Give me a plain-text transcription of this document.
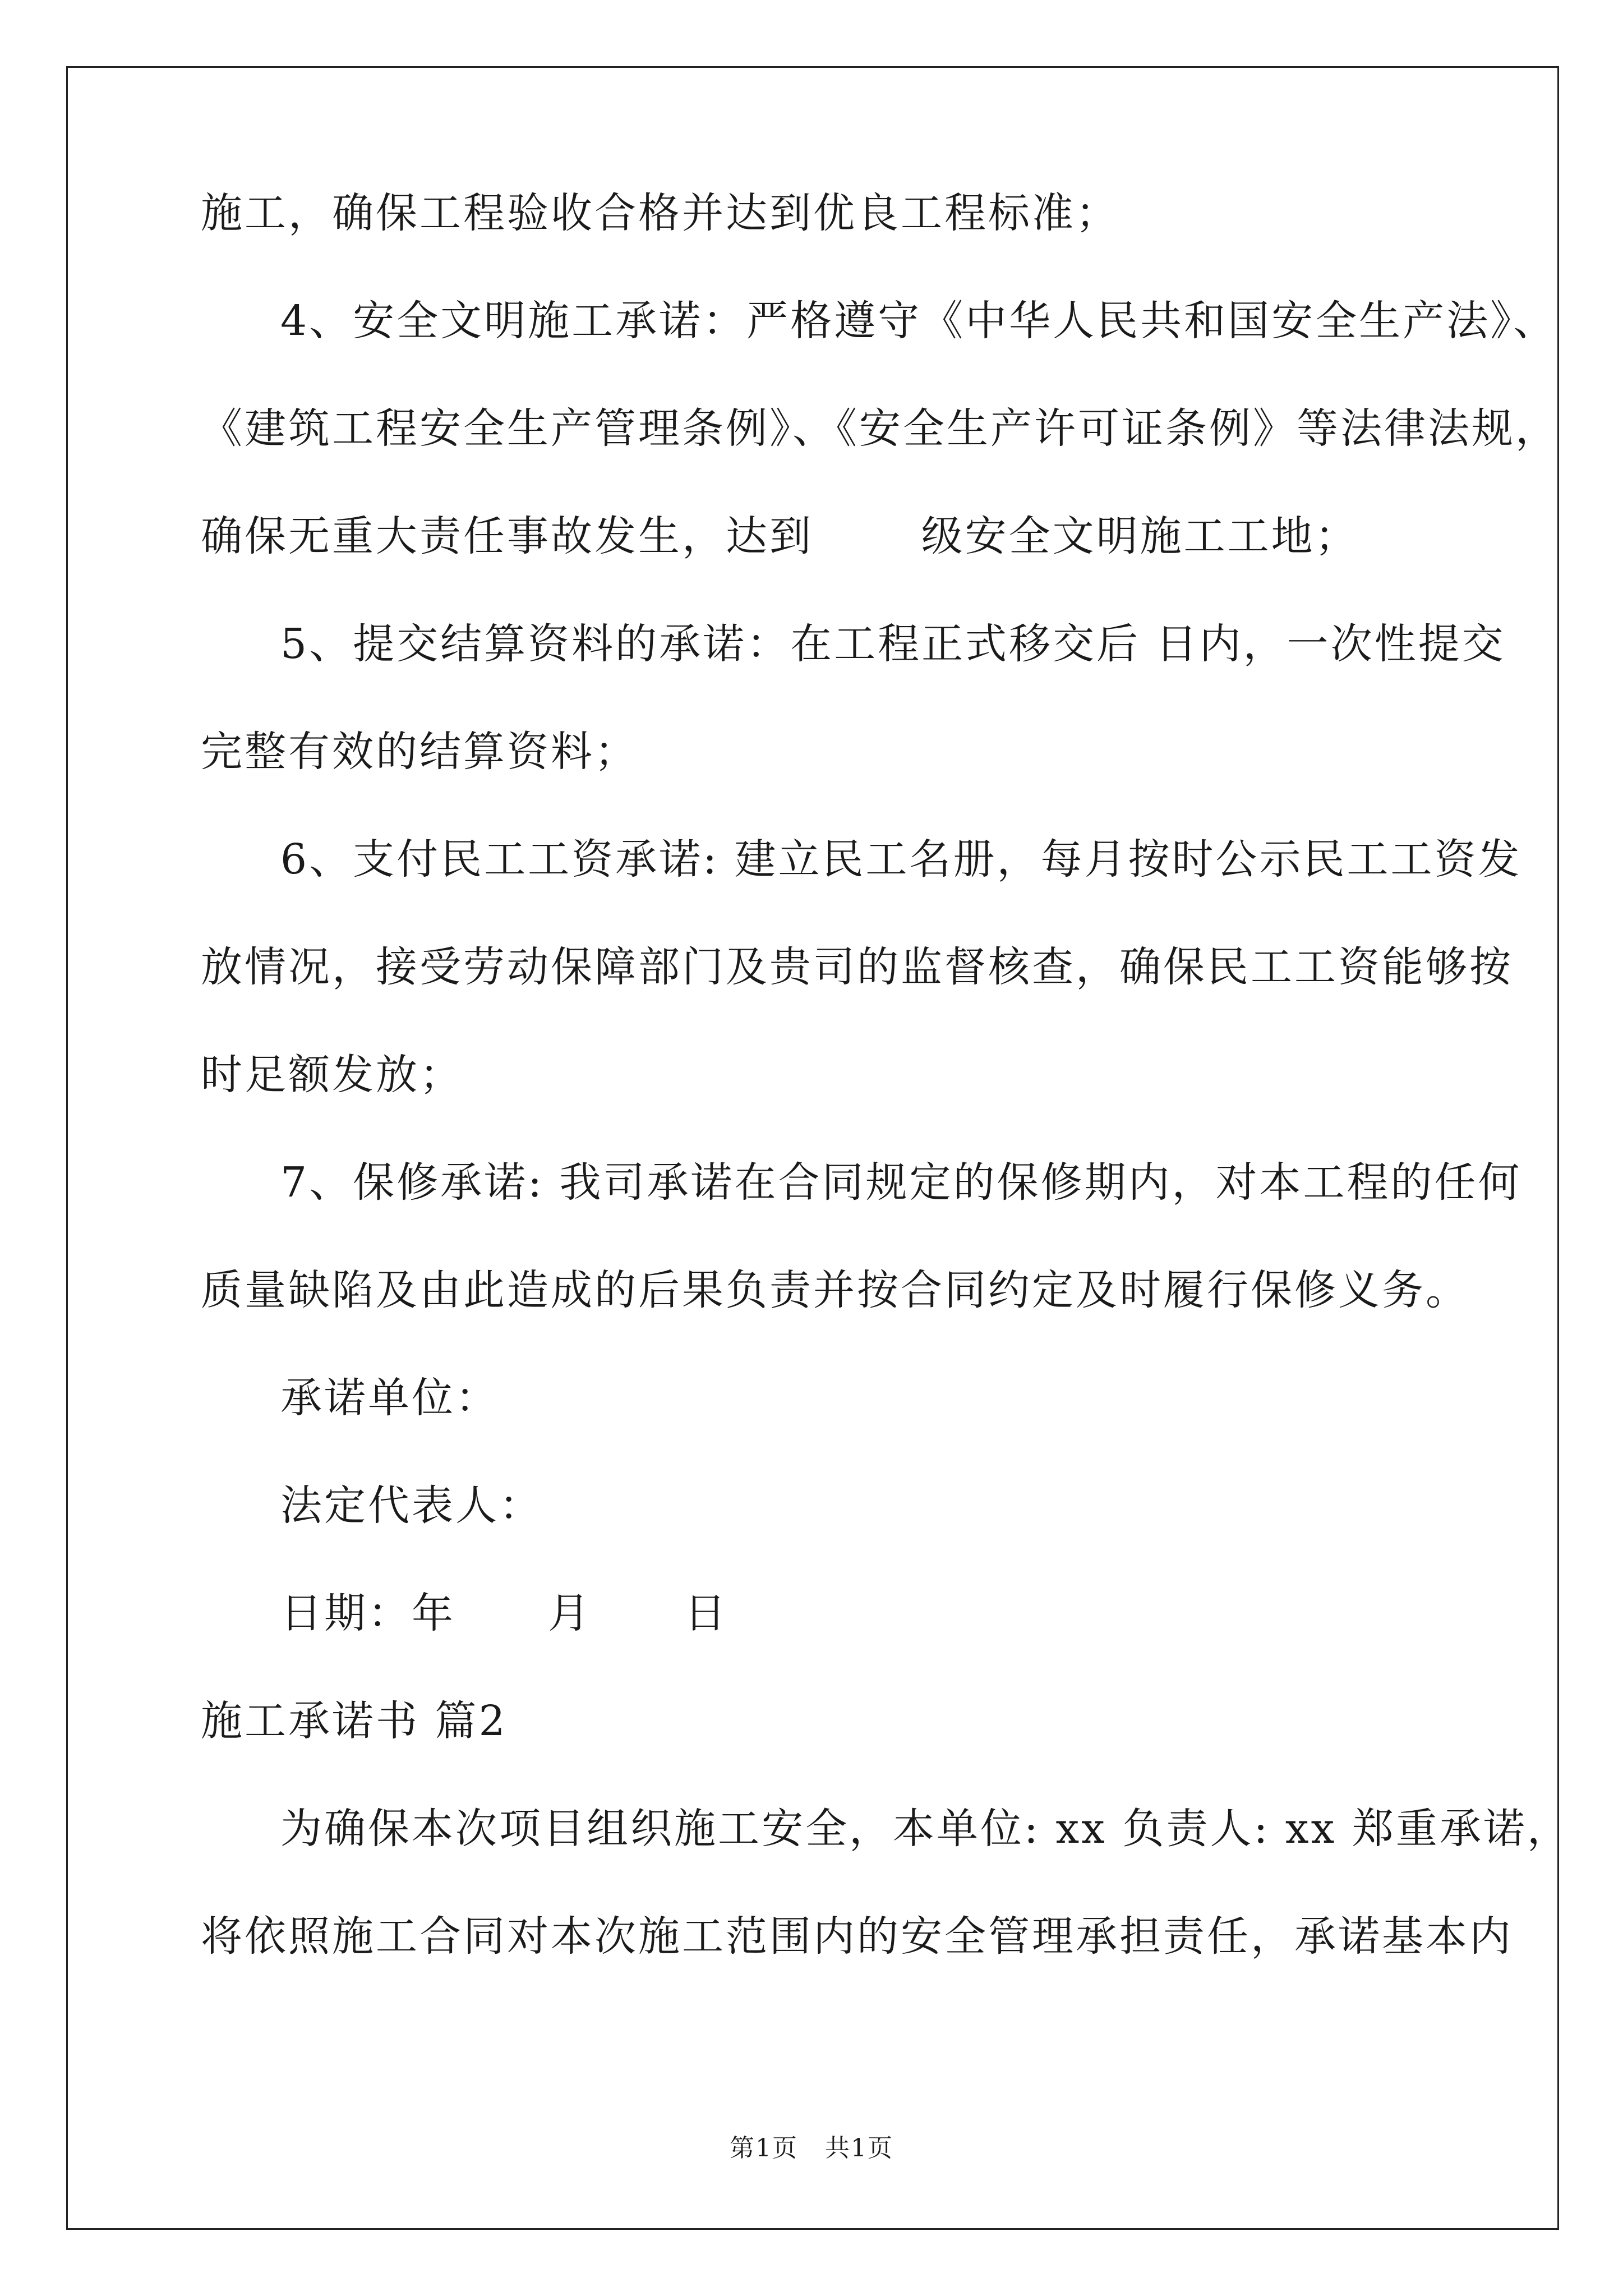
施工，确保工程验收合格并达到优良工程标准；

4、安全文明施工承诺：严格遵守《中华人民共和国安全生产法》、

《建筑工程安全生产管理条例》、《安全生产许可证条例》等法律法规，

确保无重大责任事故发生，达到       级安全文明施工工地；

5、提交结算资料的承诺：在工程正式移交后 日内，一次性提交

完整有效的结算资料；

6、支付民工工资承诺: 建立民工名册，每月按时公示民工工资发

放情况，接受劳动保障部门及贵司的监督核查，确保民工工资能够按

时足额发放；

7、保修承诺: 我司承诺在合同规定的保修期内，对本工程的任何

质量缺陷及由此造成的后果负责并按合同约定及时履行保修义务。

承诺单位：

法定代表人：

日期：年      月      日

施工承诺书 篇2

为确保本次项目组织施工安全，本单位: xx 负责人: xx 郑重承诺，

将依照施工合同对本次施工范围内的安全管理承担责任，承诺基本内

第1页   共1页
